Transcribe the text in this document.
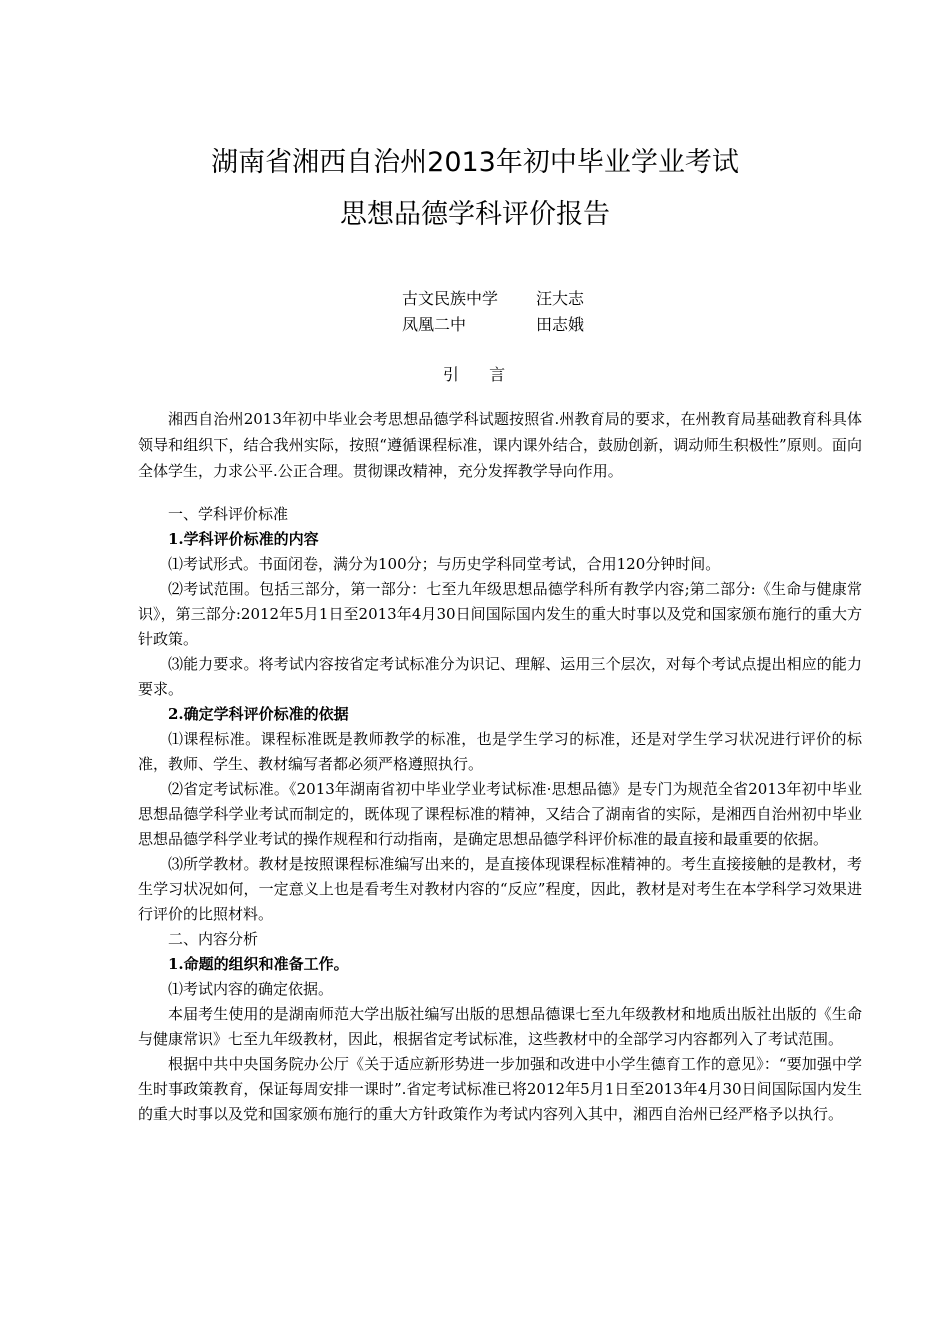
湖南省湘西自治州2013年初中毕业学业考试
思想品德学科评价报告
古文民族中学	汪大志
凤凰二中	田志娥
引    言

湘西自治州2013年初中毕业会考思想品德学科试题按照省.州教育局的要求，在州教育局基础教育科具体领导和组织下，结合我州实际，按照“遵循课程标准，课内课外结合，鼓励创新，调动师生积极性”原则。面向全体学生，力求公平.公正合理。贯彻课改精神，充分发挥教学导向作用。

一、学科评价标准

1.学科评价标准的内容

⑴考试形式。书面闭卷，满分为100分；与历史学科同堂考试，合用120分钟时间。

⑵考试范围。包括三部分，第一部分：七至九年级思想品德学科所有教学内容;第二部分:《生命与健康常识》，第三部分:2012年5月1日至2013年4月30日间国际国内发生的重大时事以及党和国家颁布施行的重大方针政策。

⑶能力要求。将考试内容按省定考试标准分为识记、理解、运用三个层次，对每个考试点提出相应的能力要求。

2.确定学科评价标准的依据

⑴课程标准。课程标准既是教师教学的标准，也是学生学习的标准，还是对学生学习状况进行评价的标准，教师、学生、教材编写者都必须严格遵照执行。

⑵省定考试标准。《2013年湖南省初中毕业学业考试标准·思想品德》是专门为规范全省2013年初中毕业思想品德学科学业考试而制定的，既体现了课程标准的精神，又结合了湖南省的实际，是湘西自治州初中毕业思想品德学科学业考试的操作规程和行动指南，是确定思想品德学科评价标准的最直接和最重要的依据。

⑶所学教材。教材是按照课程标准编写出来的，是直接体现课程标准精神的。考生直接接触的是教材，考生学习状况如何，一定意义上也是看考生对教材内容的“反应”程度，因此，教材是对考生在本学科学习效果进行评价的比照材料。

二、内容分析

1.命题的组织和准备工作。

⑴考试内容的确定依据。

本届考生使用的是湖南师范大学出版社编写出版的思想品德课七至九年级教材和地质出版社出版的《生命与健康常识》七至九年级教材，因此，根据省定考试标准，这些教材中的全部学习内容都列入了考试范围。

根据中共中央国务院办公厅《关于适应新形势进一步加强和改进中小学生德育工作的意见》：“要加强中学生时事政策教育，保证每周安排一课时”.省定考试标准已将2012年5月1日至2013年4月30日间国际国内发生的重大时事以及党和国家颁布施行的重大方针政策作为考试内容列入其中，湘西自治州已经严格予以执行。
